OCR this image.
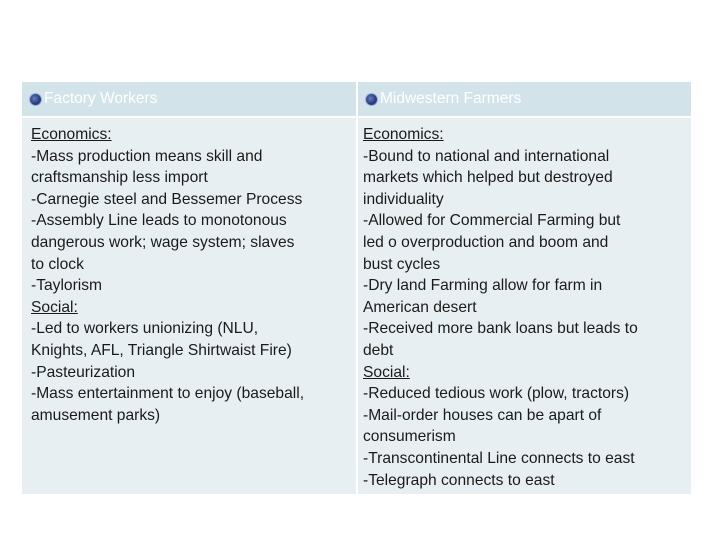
Factory Workers	Midwestern Farmers
Economics:
-Mass production means skill and
craftsmanship less import
-Carnegie steel and Bessemer Process
-Assembly Line leads to monotonous
dangerous work; wage system; slaves
to clock
-Taylorism
Social:
-Led to workers unionizing (NLU,
Knights, AFL, Triangle Shirtwaist Fire)
-Pasteurization
-Mass entertainment to enjoy (baseball,
amusement parks)
Economics:
-Bound to national and international
markets which helped but destroyed
individuality
-Allowed for Commercial Farming but
led o overproduction and boom and
bust cycles
-Dry land Farming allow for farm in
American desert
-Received more bank loans but leads to
debt
Social:
-Reduced tedious work (plow, tractors)
-Mail-order houses can be apart of
consumerism
-Transcontinental Line connects to east
-Telegraph connects to east
